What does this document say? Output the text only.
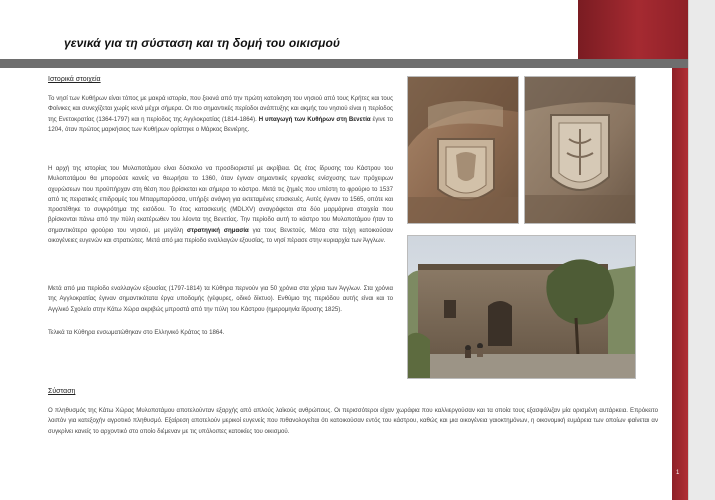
γενικά για τη σύσταση και τη δομή του οικισμού
1
Ιστορικά στοιχεία
Το νησί των Κυθήρων είναι τόπος με μακρά ιστορία, που ξεκινά από την πρώτη κατοίκηση του νησιού από τους Κρήτες και τους Φοίνικες και συνεχίζεται χωρίς κενά μέχρι σήμερα. Οι πιο σημαντικές περίοδοι ανάπτυξης και ακμής του νησιού είναι η περίοδος της Ενετοκρατίας (1364-1797) και η περίοδος της Αγγλοκρατίας (1814-1864). Η υπαγωγή των Κυθήρων στη Βενετία έγινε το 1204, όταν πρώτος μαρκήσιος των Κυθήρων ορίστηκε ο Μάρκος Βενιέρης.
Η αρχή της ιστορίας του Μυλοποτάμου είναι δύσκολο να προσδιοριστεί με ακρίβεια. Ως έτος ίδρυσης του Κάστρου του Μυλοποτάμου θα μπορούσε κανείς να θεωρήσει το 1360, όταν έγιναν σημαντικές εργασίες ενίσχυσης των πρόχειρων οχυρώσεων που προϋπήρχαν στη θέση που βρίσκεται και σήμερα το κάστρο. Μετά τις ζημιές που υπέστη το φρούριο το 1537 από τις πειρατικές επιδρομές του Μπαρμπαρόσσα, υπήρξε ανάγκη για εκτεταμένες επισκευές. Αυτές έγιναν το 1565, οπότε και προστέθηκε το συγκρότημα της εισόδου. Το έτος κατασκευής (MDLXV) αναγράφεται στα δύο μαρμάρινα στοιχεία που βρίσκονται πάνω από την πύλη εκατέρωθεν του λέοντα της Βενετίας. Την περίοδο αυτή το κάστρο του Μυλοποτάμου ήταν το σημαντικότερο φρούριο του νησιού, με μεγάλη στρατηγική σημασία για τους Βενετούς. Μέσα στα τείχη κατοικούσαν οικογένειες ευγενών και στρατιώτες. Μετά από μια περίοδο εναλλαγών εξουσίας, το νησί πέρασε στην κυριαρχία των Άγγλων.
Μετά από μια περίοδο εναλλαγών εξουσίας (1797-1814) τα Κύθηρα περνούν για 50 χρόνια στα χέρια των Άγγλων. Στα χρόνια της Αγγλοκρατίας έγιναν σημαντικότατα έργα υποδομής (γέφυρες, οδικό δίκτυο). Ενθύμιο της περιόδου αυτής είναι και το Αγγλικό Σχολείο στην Κάτω Χώρα ακριβώς μπροστά από την πύλη του Κάστρου (ημερομηνία ίδρυσης 1825).
Τελικά τα Κύθηρα ενσωματώθηκαν στο Ελληνικό Κράτος το 1864.
Σύσταση
Ο πληθυσμός της Κάτω Χώρας Μυλοποτάμου αποτελούνταν εξαρχής από απλούς λαϊκούς ανθρώπους. Οι περισσότεροι είχαν χωράφια που καλλιεργούσαν και τα οποία τους εξασφάλιζαν μία ορισμένη αυτάρκεια. Επρόκειτο λοιπόν για κατεξοχήν αγροτικό πληθυσμό. Εξαίρεση αποτελούν μερικοί ευγενείς που πιθανολογείται ότι κατοικούσαν εντός του κάστρου, καθώς και μια οικογένεια γαιοκτημόνων, η οικονομική ευμάρεια των οποίων φαίνεται αν συγκρίνει κανείς το αρχοντικό στο οποίο διέμεναν με τις υπόλοιπες κατοικίες του οικισμού.
